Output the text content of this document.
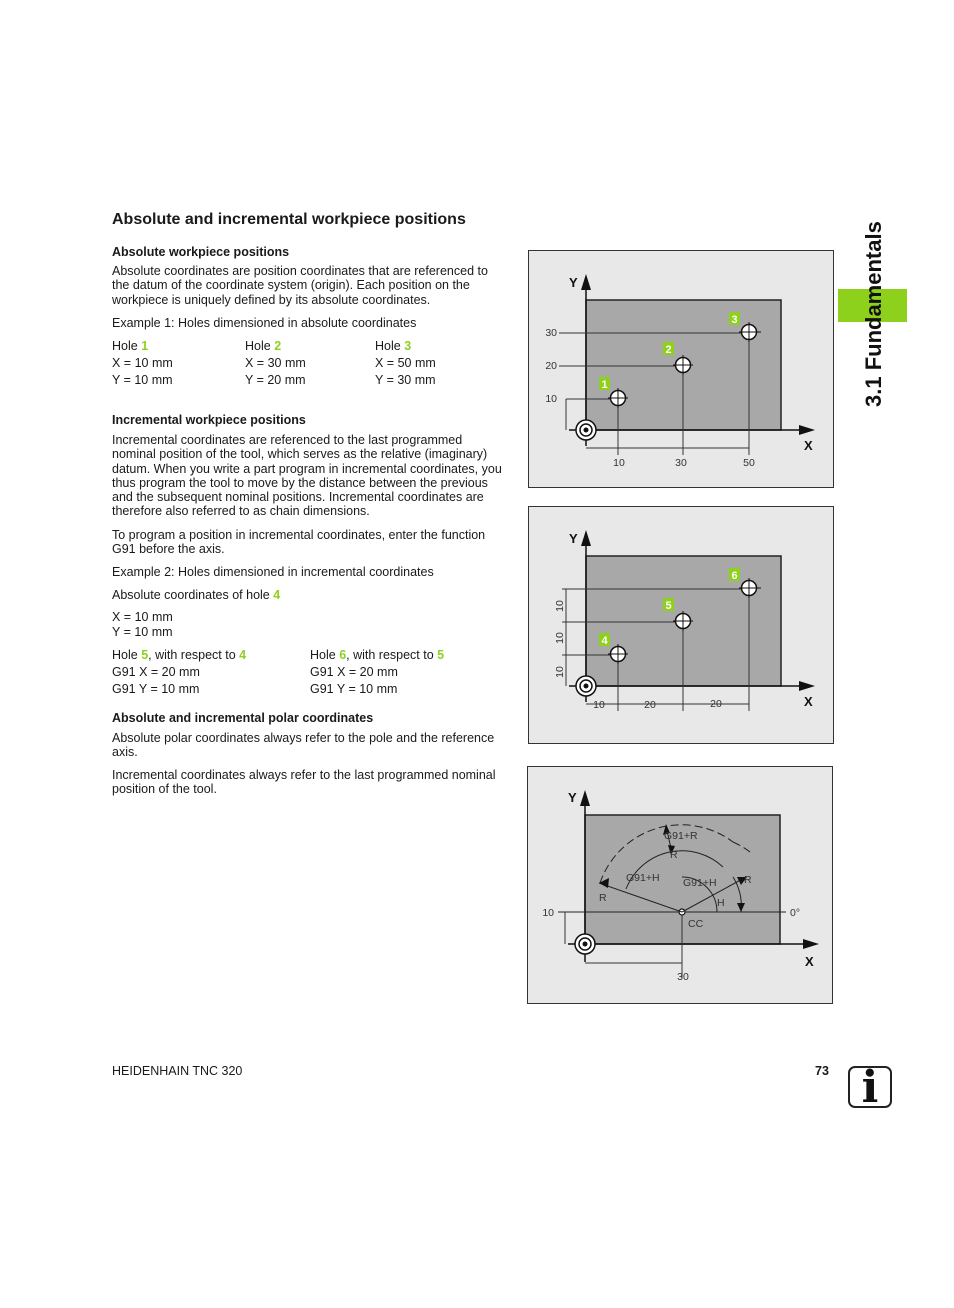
Absolute and incremental workpiece positions
Absolute workpiece positions

Absolute coordinates are position coordinates that are referenced to the datum of the coordinate system (origin). Each position on the workpiece is uniquely defined by its absolute coordinates.

Example 1: Holes dimensioned in absolute coordinates

Hole 1
X = 10 mm
Y = 10 mm
Hole 2
X = 30 mm
Y = 20 mm
Hole 3
X = 50 mm
Y = 30 mm
Incremental workpiece positions

Incremental coordinates are referenced to the last programmed nominal position of the tool, which serves as the relative (imaginary) datum. When you write a part program in incremental coordinates, you thus program the tool to move by the distance between the previous and the subsequent nominal positions. Incremental coordinates are therefore also referred to as chain dimensions.

To program a position in incremental coordinates, enter the function G91 before the axis.

Example 2: Holes dimensioned in incremental coordinates

Absolute coordinates of hole 4
X = 10 mm
Y = 10 mm
Hole 5, with respect to 4
G91 X = 20 mm
G91 Y = 10 mm
Hole 6, with respect to 5
G91 X = 20 mm
G91 Y = 10 mm
Absolute and incremental polar coordinates

Absolute polar coordinates always refer to the pole and the reference axis.

Incremental coordinates always refer to the last programmed nominal position of the tool.

X
Y
10	30	50
10
20
30
1
2
3
X
Y
10	20	20
10
10
10
4
5
6
X
Y
G91+R
R
G91+H G91+H
R
R
H
CC
0°
10
30
3.1 Fundamentals
HEIDENHAIN TNC 320	73 i
